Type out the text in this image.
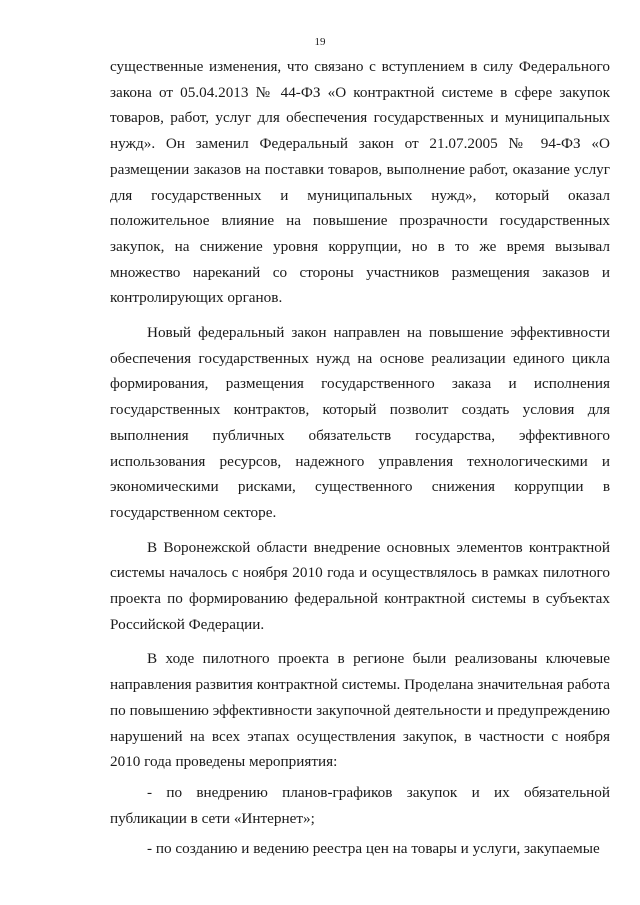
19

существенные изменения, что связано с вступлением в силу Федерального закона от 05.04.2013 № 44-ФЗ «О контрактной системе в сфере закупок товаров, работ, услуг для обеспечения государственных и муниципальных нужд». Он заменил Федеральный закон от 21.07.2005 № 94-ФЗ «О размещении заказов на поставки товаров, выполнение работ, оказание услуг для государственных и муниципальных нужд», который оказал положительное влияние на повышение прозрачности государственных закупок, на снижение уровня коррупции, но в то же время вызывал множество нареканий со стороны участников размещения заказов и контролирующих органов.

Новый федеральный закон направлен на повышение эффективности обеспечения государственных нужд на основе реализации единого цикла формирования, размещения государственного заказа и исполнения государственных контрактов, который позволит создать условия для выполнения публичных обязательств государства, эффективного использования ресурсов, надежного управления технологическими и экономическими рисками, существенного снижения коррупции в государственном секторе.

В Воронежской области внедрение основных элементов контрактной системы началось с ноября 2010 года и осуществлялось в рамках пилотного проекта по формированию федеральной контрактной системы в субъектах Российской Федерации.

В ходе пилотного проекта в регионе были реализованы ключевые направления развития контрактной системы. Проделана значительная работа по повышению эффективности закупочной деятельности и предупреждению нарушений на всех этапах осуществления закупок, в частности с ноября 2010 года проведены мероприятия:

- по внедрению планов-графиков закупок и их обязательной публикации в сети «Интернет»;

- по созданию и ведению реестра цен на товары и услуги, закупаемые
